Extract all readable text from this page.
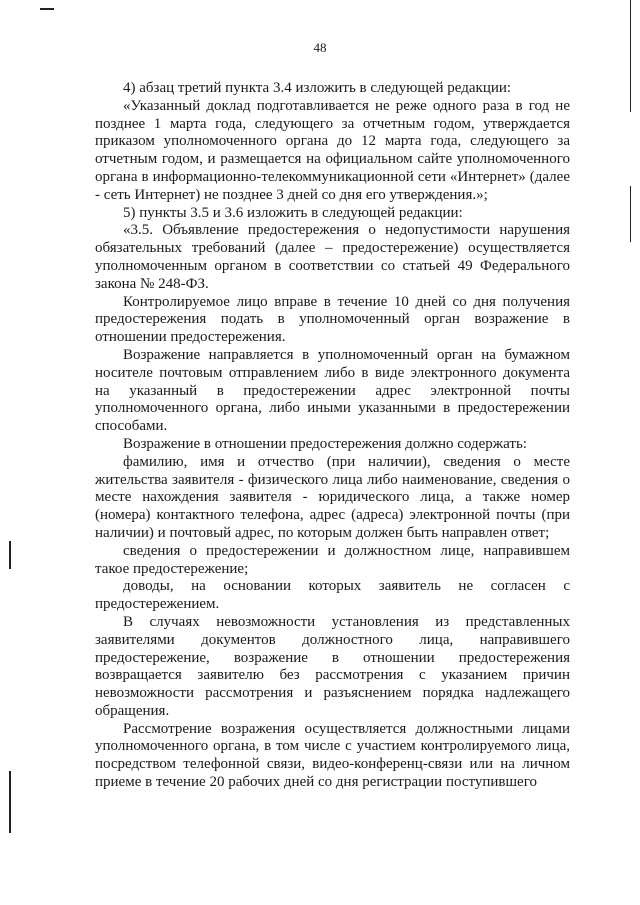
48

4) абзац третий пункта 3.4 изложить в следующей редакции:

«Указанный доклад подготавливается не реже одного раза в год не позднее 1 марта года, следующего за отчетным годом, утверждается приказом уполномоченного органа до 12 марта года, следующего за отчетным годом, и размещается на официальном сайте уполномоченного органа в информационно-телекоммуникационной сети «Интернет» (далее - сеть Интернет) не позднее 3 дней со дня его утверждения.»;

5) пункты 3.5 и 3.6 изложить в следующей редакции:

«3.5. Объявление предостережения о недопустимости нарушения обязательных требований (далее – предостережение) осуществляется уполномоченным органом в соответствии со статьей 49 Федерального закона № 248-ФЗ.

Контролируемое лицо вправе в течение 10 дней со дня получения предостережения подать в уполномоченный орган возражение в отношении предостережения.

Возражение направляется в уполномоченный орган на бумажном носителе почтовым отправлением либо в виде электронного документа на указанный в предостережении адрес электронной почты уполномоченного органа, либо иными указанными в предостережении способами.

Возражение в отношении предостережения должно содержать:

фамилию, имя и отчество (при наличии), сведения о месте жительства заявителя - физического лица либо наименование, сведения о месте нахождения заявителя - юридического лица, а также номер (номера) контактного телефона, адрес (адреса) электронной почты (при наличии) и почтовый адрес, по которым должен быть направлен ответ;

сведения о предостережении и должностном лице, направившем такое предостережение;

доводы, на основании которых заявитель не согласен с предостережением.

В случаях невозможности установления из представленных заявителями документов должностного лица, направившего предостережение, возражение в отношении предостережения возвращается заявителю без рассмотрения с указанием причин невозможности рассмотрения и разъяснением порядка надлежащего обращения.

Рассмотрение возражения осуществляется должностными лицами уполномоченного органа, в том числе с участием контролируемого лица, посредством телефонной связи, видео-конференц-связи или на личном приеме в течение 20 рабочих дней со дня регистрации поступившего
